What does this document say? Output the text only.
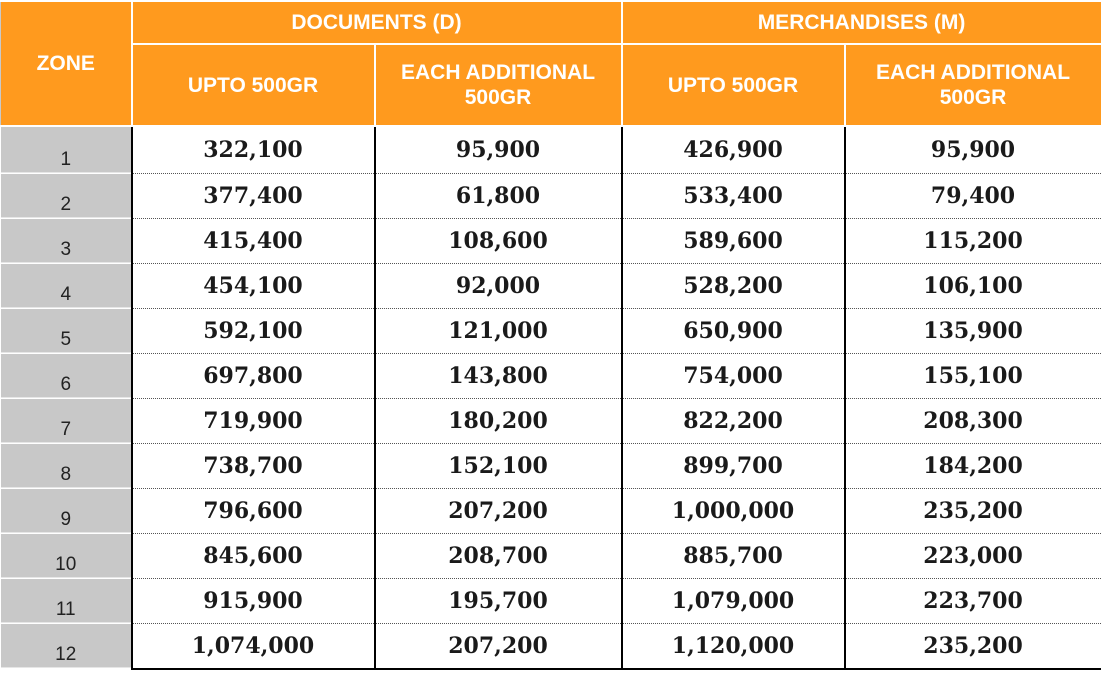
ZONE	DOCUMENTS (D)		MERCHANDISES (M)	
	UPTO 500GR	EACH ADDITIONAL 500GR	UPTO 500GR	EACH ADDITIONAL 500GR
1	322,100	95,900	426,900	95,900
2	377,400	61,800	533,400	79,400
3	415,400	108,600	589,600	115,200
4	454,100	92,000	528,200	106,100
5	592,100	121,000	650,900	135,900
6	697,800	143,800	754,000	155,100
7	719,900	180,200	822,200	208,300
8	738,700	152,100	899,700	184,200
9	796,600	207,200	1,000,000	235,200
10	845,600	208,700	885,700	223,000
11	915,900	195,700	1,079,000	223,700
12	1,074,000	207,200	1,120,000	235,200
